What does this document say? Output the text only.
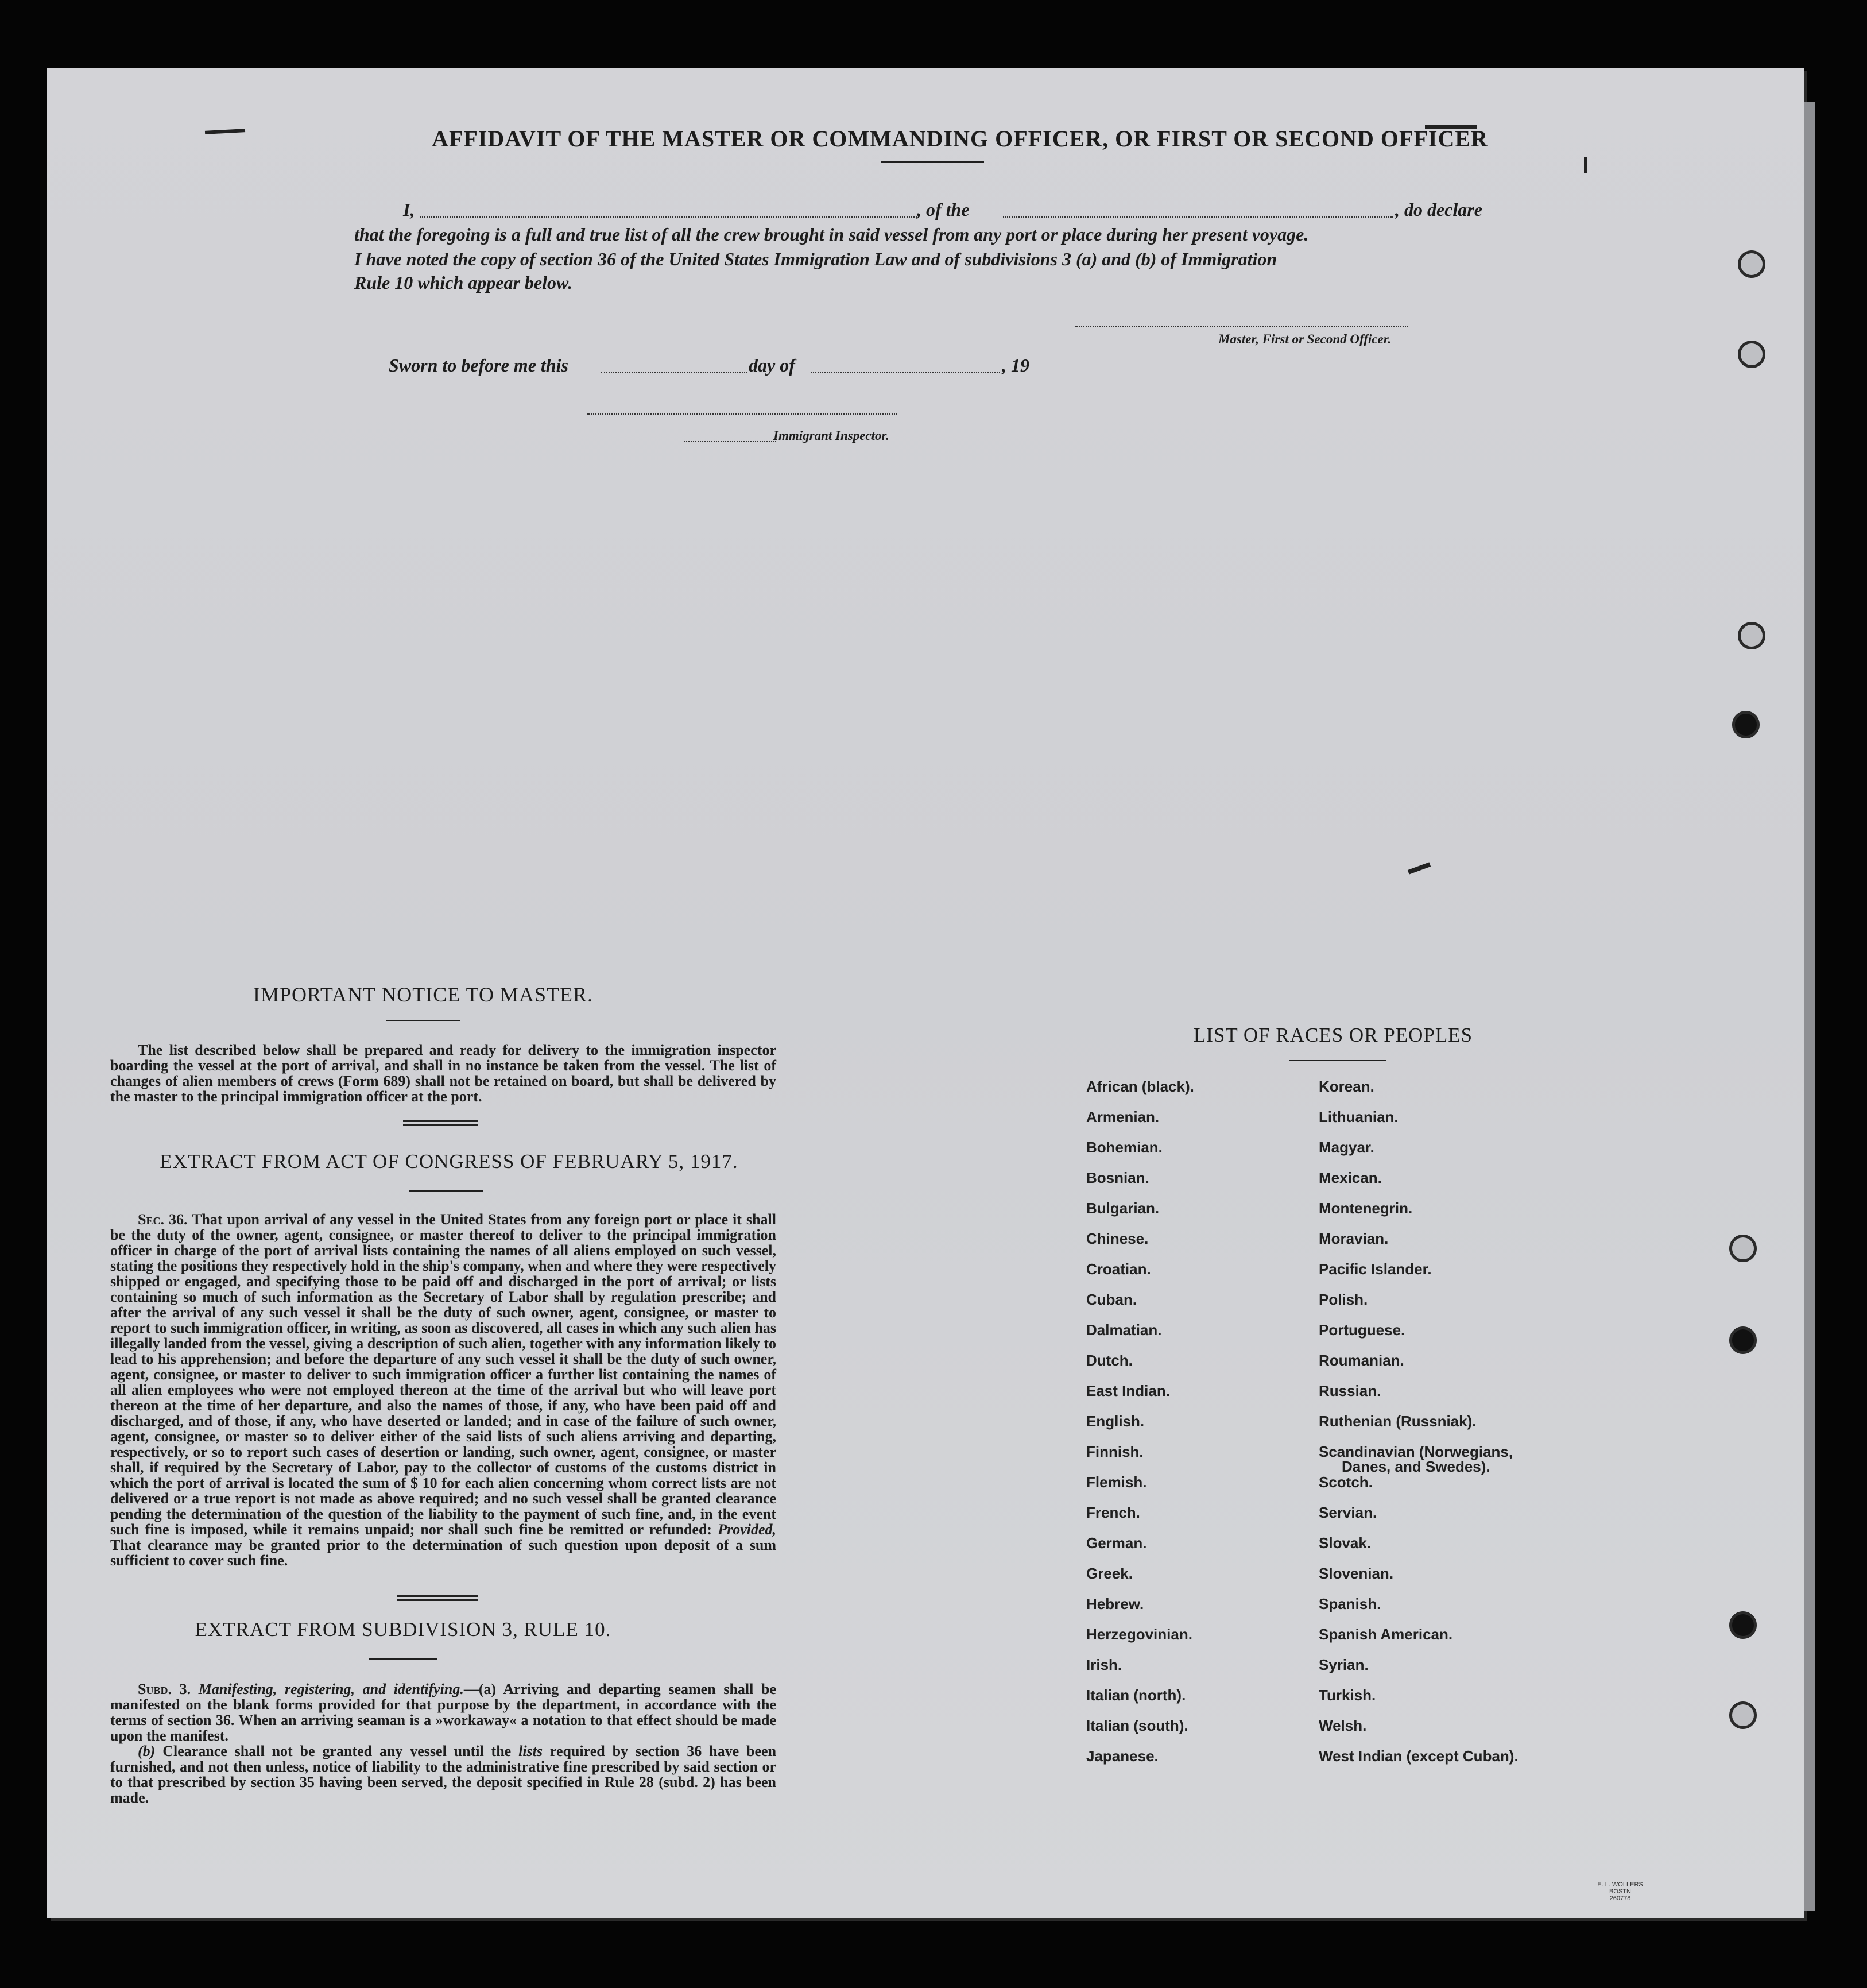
AFFIDAVIT OF THE MASTER OR COMMANDING OFFICER, OR FIRST OR SECOND OFFICER
I,	, of the	, do declare
that the foregoing is a full and true list of all the crew brought in said vessel from any port or place during her present voyage.
I have noted the copy of section 36 of the United States Immigration Law and of subdivisions 3 (a) and (b) of Immigration
Rule 10 which appear below.
Master, First or Second Officer.
Sworn to before me this	day of	, 19
Immigrant Inspector.
IMPORTANT NOTICE TO MASTER.
The list described below shall be prepared and ready for delivery to the immigration inspector boarding the vessel at the port of arrival, and shall in no instance be taken from the vessel. The list of changes of alien members of crews (Form 689) shall not be retained on board, but shall be delivered by the master to the principal immigration officer at the port.
EXTRACT FROM ACT OF CONGRESS OF FEBRUARY 5, 1917.
Sec. 36. That upon arrival of any vessel in the United States from any foreign port or place it shall be the duty of the owner, agent, consignee, or master thereof to deliver to the principal immigration officer in charge of the port of arrival lists containing the names of all aliens employed on such vessel, stating the positions they respectively hold in the ship's company, when and where they were respectively shipped or engaged, and specifying those to be paid off and discharged in the port of arrival; or lists containing so much of such information as the Secretary of Labor shall by regulation prescribe; and after the arrival of any such vessel it shall be the duty of such owner, agent, consignee, or master to report to such immigration officer, in writing, as soon as discovered, all cases in which any such alien has illegally landed from the vessel, giving a description of such alien, together with any information likely to lead to his apprehension; and before the departure of any such vessel it shall be the duty of such owner, agent, consignee, or master to deliver to such immigration officer a further list containing the names of all alien employees who were not employed thereon at the time of the arrival but who will leave port thereon at the time of her departure, and also the names of those, if any, who have been paid off and discharged, and of those, if any, who have deserted or landed; and in case of the failure of such owner, agent, consignee, or master so to deliver either of the said lists of such aliens arriving and departing, respectively, or so to report such cases of desertion or landing, such owner, agent, consignee, or master shall, if required by the Secretary of Labor, pay to the collector of customs of the customs district in which the port of arrival is located the sum of $ 10 for each alien concerning whom correct lists are not delivered or a true report is not made as above required; and no such vessel shall be granted clearance pending the determination of the question of the liability to the payment of such fine, and, in the event such fine is imposed, while it remains unpaid; nor shall such fine be remitted or refunded: Provided, That clearance may be granted prior to the determination of such question upon deposit of a sum sufficient to cover such fine.
EXTRACT FROM SUBDIVISION 3, RULE 10.
Subd. 3. Manifesting, registering, and identifying.—(a) Arriving and departing seamen shall be manifested on the blank forms provided for that purpose by the department, in accordance with the terms of section 36. When an arriving seaman is a »workaway« a notation to that effect should be made upon the manifest.
(b) Clearance shall not be granted any vessel until the lists required by section 36 have been furnished, and not then unless, notice of liability to the administrative fine prescribed by said section or to that prescribed by section 35 having been served, the deposit specified in Rule 28 (subd. 2) has been made.
LIST OF RACES OR PEOPLES
E. L. WOLLERS BOSTN
260778
African (black).
Armenian.
Bohemian.
Bosnian.
Bulgarian.
Chinese.
Croatian.
Cuban.
Dalmatian.
Dutch.
East Indian.
English.
Finnish.
Flemish.
French.
German.
Greek.
Hebrew.
Herzegovinian.
Irish.
Italian (north).
Italian (south).
Japanese.
Korean.
Lithuanian.
Magyar.
Mexican.
Montenegrin.
Moravian.
Pacific Islander.
Polish.
Portuguese.
Roumanian.
Russian.
Ruthenian (Russniak).
Scandinavian (Norwegians,
Danes, and Swedes).
Scotch.
Servian.
Slovak.
Slovenian.
Spanish.
Spanish American.
Syrian.
Turkish.
Welsh.
West Indian (except Cuban).
